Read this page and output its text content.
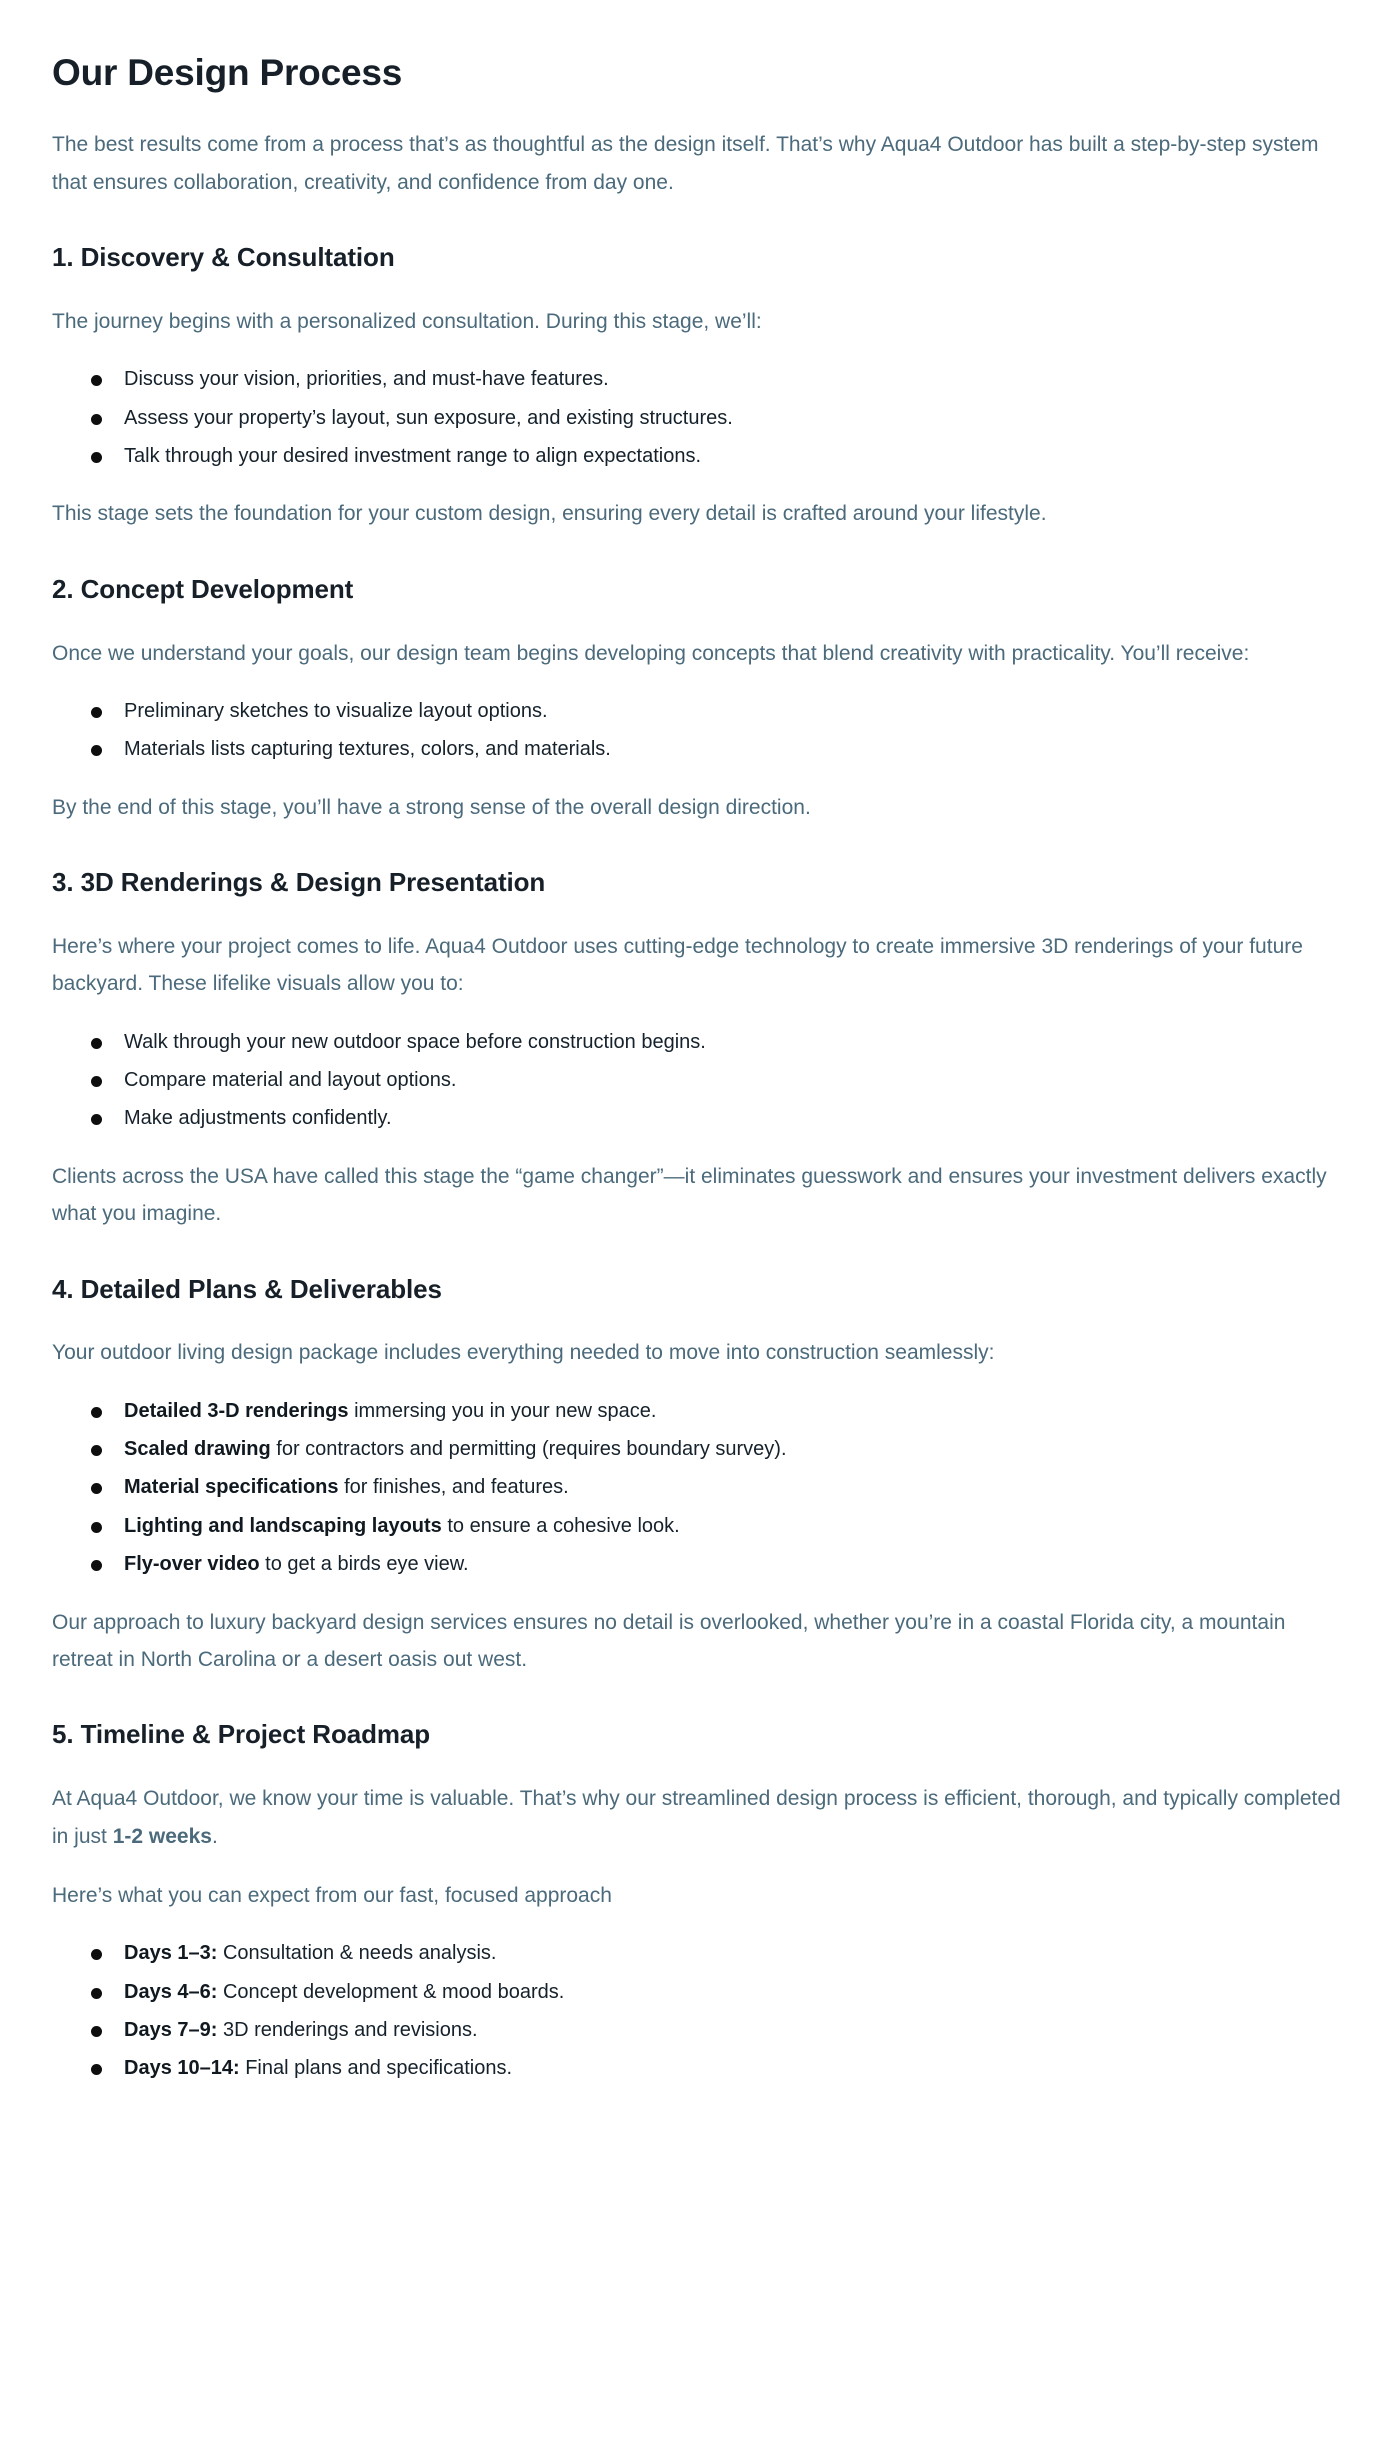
Our Design Process

The best results come from a process that’s as thoughtful as the design itself. That’s why Aqua4 Outdoor has built a step-by-step system that ensures collaboration, creativity, and confidence from day one.

1. Discovery & Consultation

The journey begins with a personalized consultation. During this stage, we’ll:

Discuss your vision, priorities, and must-have features.
Assess your property’s layout, sun exposure, and existing structures.
Talk through your desired investment range to align expectations.

This stage sets the foundation for your custom design, ensuring every detail is crafted around your lifestyle.

2. Concept Development

Once we understand your goals, our design team begins developing concepts that blend creativity with practicality. You’ll receive:

Preliminary sketches to visualize layout options.
Materials lists capturing textures, colors, and materials.

By the end of this stage, you’ll have a strong sense of the overall design direction.

3. 3D Renderings & Design Presentation

Here’s where your project comes to life. Aqua4 Outdoor uses cutting-edge technology to create immersive 3D renderings of your future backyard. These lifelike visuals allow you to:

Walk through your new outdoor space before construction begins.
Compare material and layout options.
Make adjustments confidently.

Clients across the USA have called this stage the “game changer”—it eliminates guesswork and ensures your investment delivers exactly what you imagine.

4. Detailed Plans & Deliverables

Your outdoor living design package includes everything needed to move into construction seamlessly:

Detailed 3-D renderings immersing you in your new space.
Scaled drawing for contractors and permitting (requires boundary survey).
Material specifications for finishes, and features.
Lighting and landscaping layouts to ensure a cohesive look.
Fly-over video to get a birds eye view.

Our approach to luxury backyard design services ensures no detail is overlooked, whether you’re in a coastal Florida city, a mountain retreat in North Carolina or a desert oasis out west.

5. Timeline & Project Roadmap

At Aqua4 Outdoor, we know your time is valuable. That’s why our streamlined design process is efficient, thorough, and typically completed in just 1-2 weeks.

Here’s what you can expect from our fast, focused approach

Days 1–3: Consultation & needs analysis.
Days 4–6: Concept development & mood boards.
Days 7–9: 3D renderings and revisions.
Days 10–14: Final plans and specifications.
